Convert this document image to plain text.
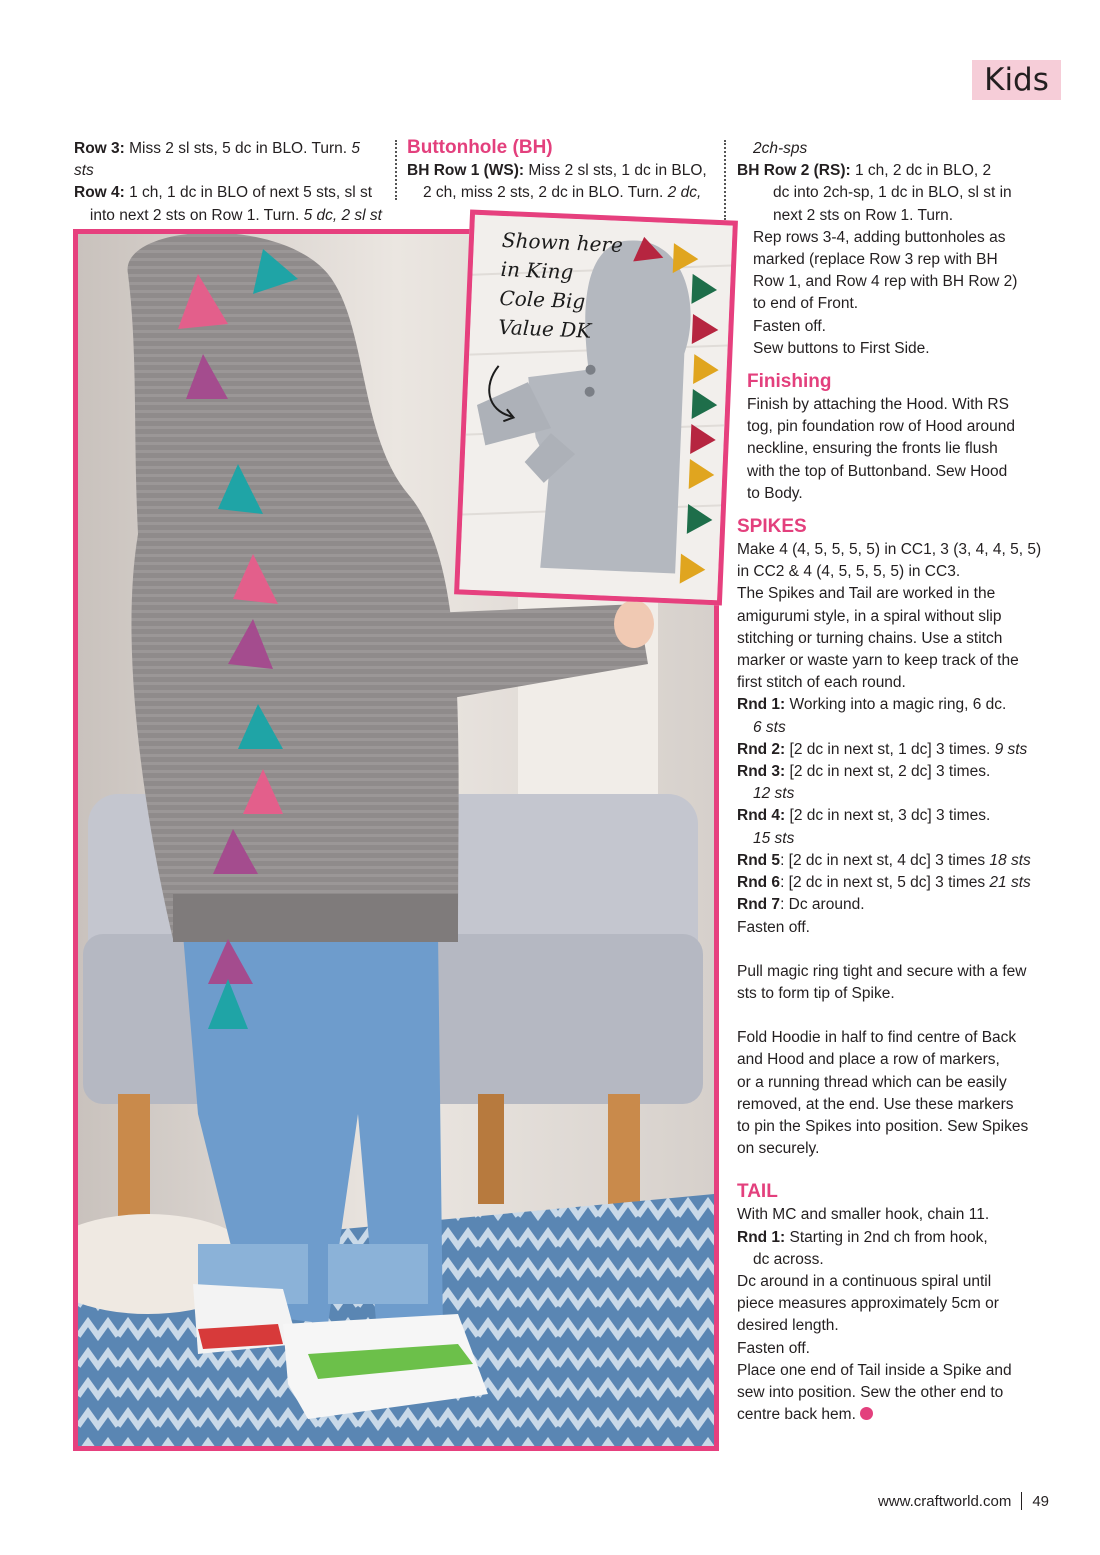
Kids

Row 3: Miss 2 sl sts, 5 dc in BLO. Turn. 5 sts

Row 4: 1 ch, 1 dc in BLO of next 5 sts, sl st

into next 2 sts on Row 1. Turn. 5 dc, 2 sl st

Buttonhole (BH)

BH Row 1 (WS): Miss 2 sl sts, 1 dc in BLO,

2 ch, miss 2 sts, 2 dc in BLO. Turn. 2 dc,

Shown here
in King
Cole Big
Value DK

2ch-sps

BH Row 2 (RS): 1 ch, 2 dc in BLO, 2

dc into 2ch-sp, 1 dc in BLO, sl st in

next 2 sts on Row 1. Turn.

Rep rows 3-4, adding buttonholes as

marked (replace Row 3 rep with BH

Row 1, and Row 4 rep with BH Row 2)

to end of Front.

Fasten off.

Sew buttons to First Side.

Finishing

Finish by attaching the Hood. With RS

tog, pin foundation row of Hood around

neckline, ensuring the fronts lie flush

with the top of Buttonband. Sew Hood

to Body.

SPIKES

Make 4 (4, 5, 5, 5, 5) in CC1, 3 (3, 4, 4, 5, 5)

in CC2 & 4 (4, 5, 5, 5, 5) in CC3.

The Spikes and Tail are worked in the

amigurumi style, in a spiral without slip

stitching or turning chains. Use a stitch

marker or waste yarn to keep track of the

first stitch of each round.

Rnd 1: Working into a magic ring, 6 dc.

6 sts

Rnd 2: [2 dc in next st, 1 dc] 3 times. 9 sts

Rnd 3: [2 dc in next st, 2 dc] 3 times.

12 sts

Rnd 4: [2 dc in next st, 3 dc] 3 times.

15 sts

Rnd 5: [2 dc in next st, 4 dc] 3 times 18 sts

Rnd 6: [2 dc in next st, 5 dc] 3 times 21 sts

Rnd 7: Dc around.

Fasten off.

Pull magic ring tight and secure with a few

sts to form tip of Spike.

Fold Hoodie in half to find centre of Back

and Hood and place a row of markers,

or a running thread which can be easily

removed, at the end. Use these markers

to pin the Spikes into position. Sew Spikes

on securely.

TAIL

With MC and smaller hook, chain 11.

Rnd 1: Starting in 2nd ch from hook,

dc across.

Dc around in a continuous spiral until

piece measures approximately 5cm or

desired length.

Fasten off.

Place one end of Tail inside a Spike and

sew into position. Sew the other end to

centre back hem.

www.craftworld.com 49
